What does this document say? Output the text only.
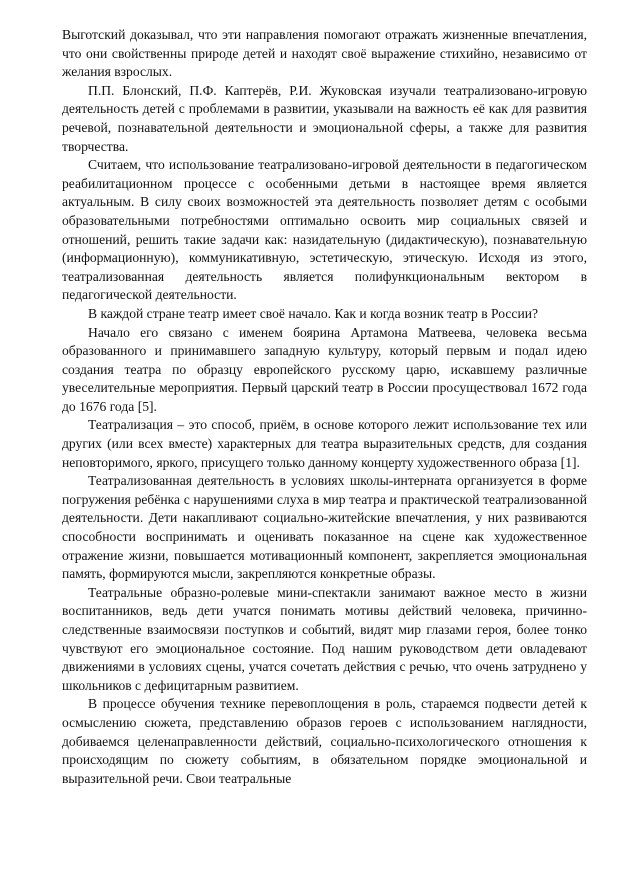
Выготский доказывал, что эти направления помогают отражать жизненные впечатления, что они свойственны природе детей и находят своё выражение стихийно, независимо от желания взрослых.

П.П. Блонский, П.Ф. Каптерёв, Р.И. Жуковская изучали театрализовано-игровую деятельность детей с проблемами в развитии, указывали на важность её как для развития речевой, познавательной деятельности и эмоциональной сферы, а также для развития творчества.

Считаем, что использование театрализовано-игровой деятельности в педагогическом реабилитационном процессе с особенными детьми в настоящее время является актуальным. В силу своих возможностей эта деятельность позволяет детям с особыми образовательными потребностями оптимально освоить мир социальных связей и отношений, решить такие задачи как: назидательную (дидактическую), познавательную (информационную), коммуникативную, эстетическую, этическую. Исходя из этого, театрализованная деятельность является полифункциональным вектором в педагогической деятельности.

В каждой стране театр имеет своё начало. Как и когда возник театр в России?

Начало его связано с именем боярина Артамона Матвеева, человека весьма образованного и принимавшего западную культуру, который первым и подал идею создания театра по образцу европейского русскому царю, искавшему различные увеселительные мероприятия. Первый царский театр в России просуществовал 1672 года до 1676 года [5].

Театрализация – это способ, приём, в основе которого лежит использование тех или других (или всех вместе) характерных для театра выразительных средств, для создания неповторимого, яркого, присущего только данному концерту художественного образа [1].

Театрализованная деятельность в условиях школы-интерната организуется в форме погружения ребёнка с нарушениями слуха в мир театра и практической театрализованной деятельности. Дети накапливают социально-житейские впечатления, у них развиваются способности воспринимать и оценивать показанное на сцене как художественное отражение жизни, повышается мотивационный компонент, закрепляется эмоциональная память, формируются мысли, закрепляются конкретные образы.

Театральные образно-ролевые мини-спектакли занимают важное место в жизни воспитанников, ведь дети учатся понимать мотивы действий человека, причинно-следственные взаимосвязи поступков и событий, видят мир глазами героя, более тонко чувствуют его эмоциональное состояние. Под нашим руководством дети овладевают движениями в условиях сцены, учатся сочетать действия с речью, что очень затруднено у школьников с дефицитарным развитием.

В процессе обучения технике перевоплощения в роль, стараемся подвести детей к осмыслению сюжета, представлению образов героев с использованием наглядности, добиваемся целенаправленности действий, социально-психологического отношения к происходящим по сюжету событиям, в обязательном порядке эмоциональной и выразительной речи. Свои театральные
